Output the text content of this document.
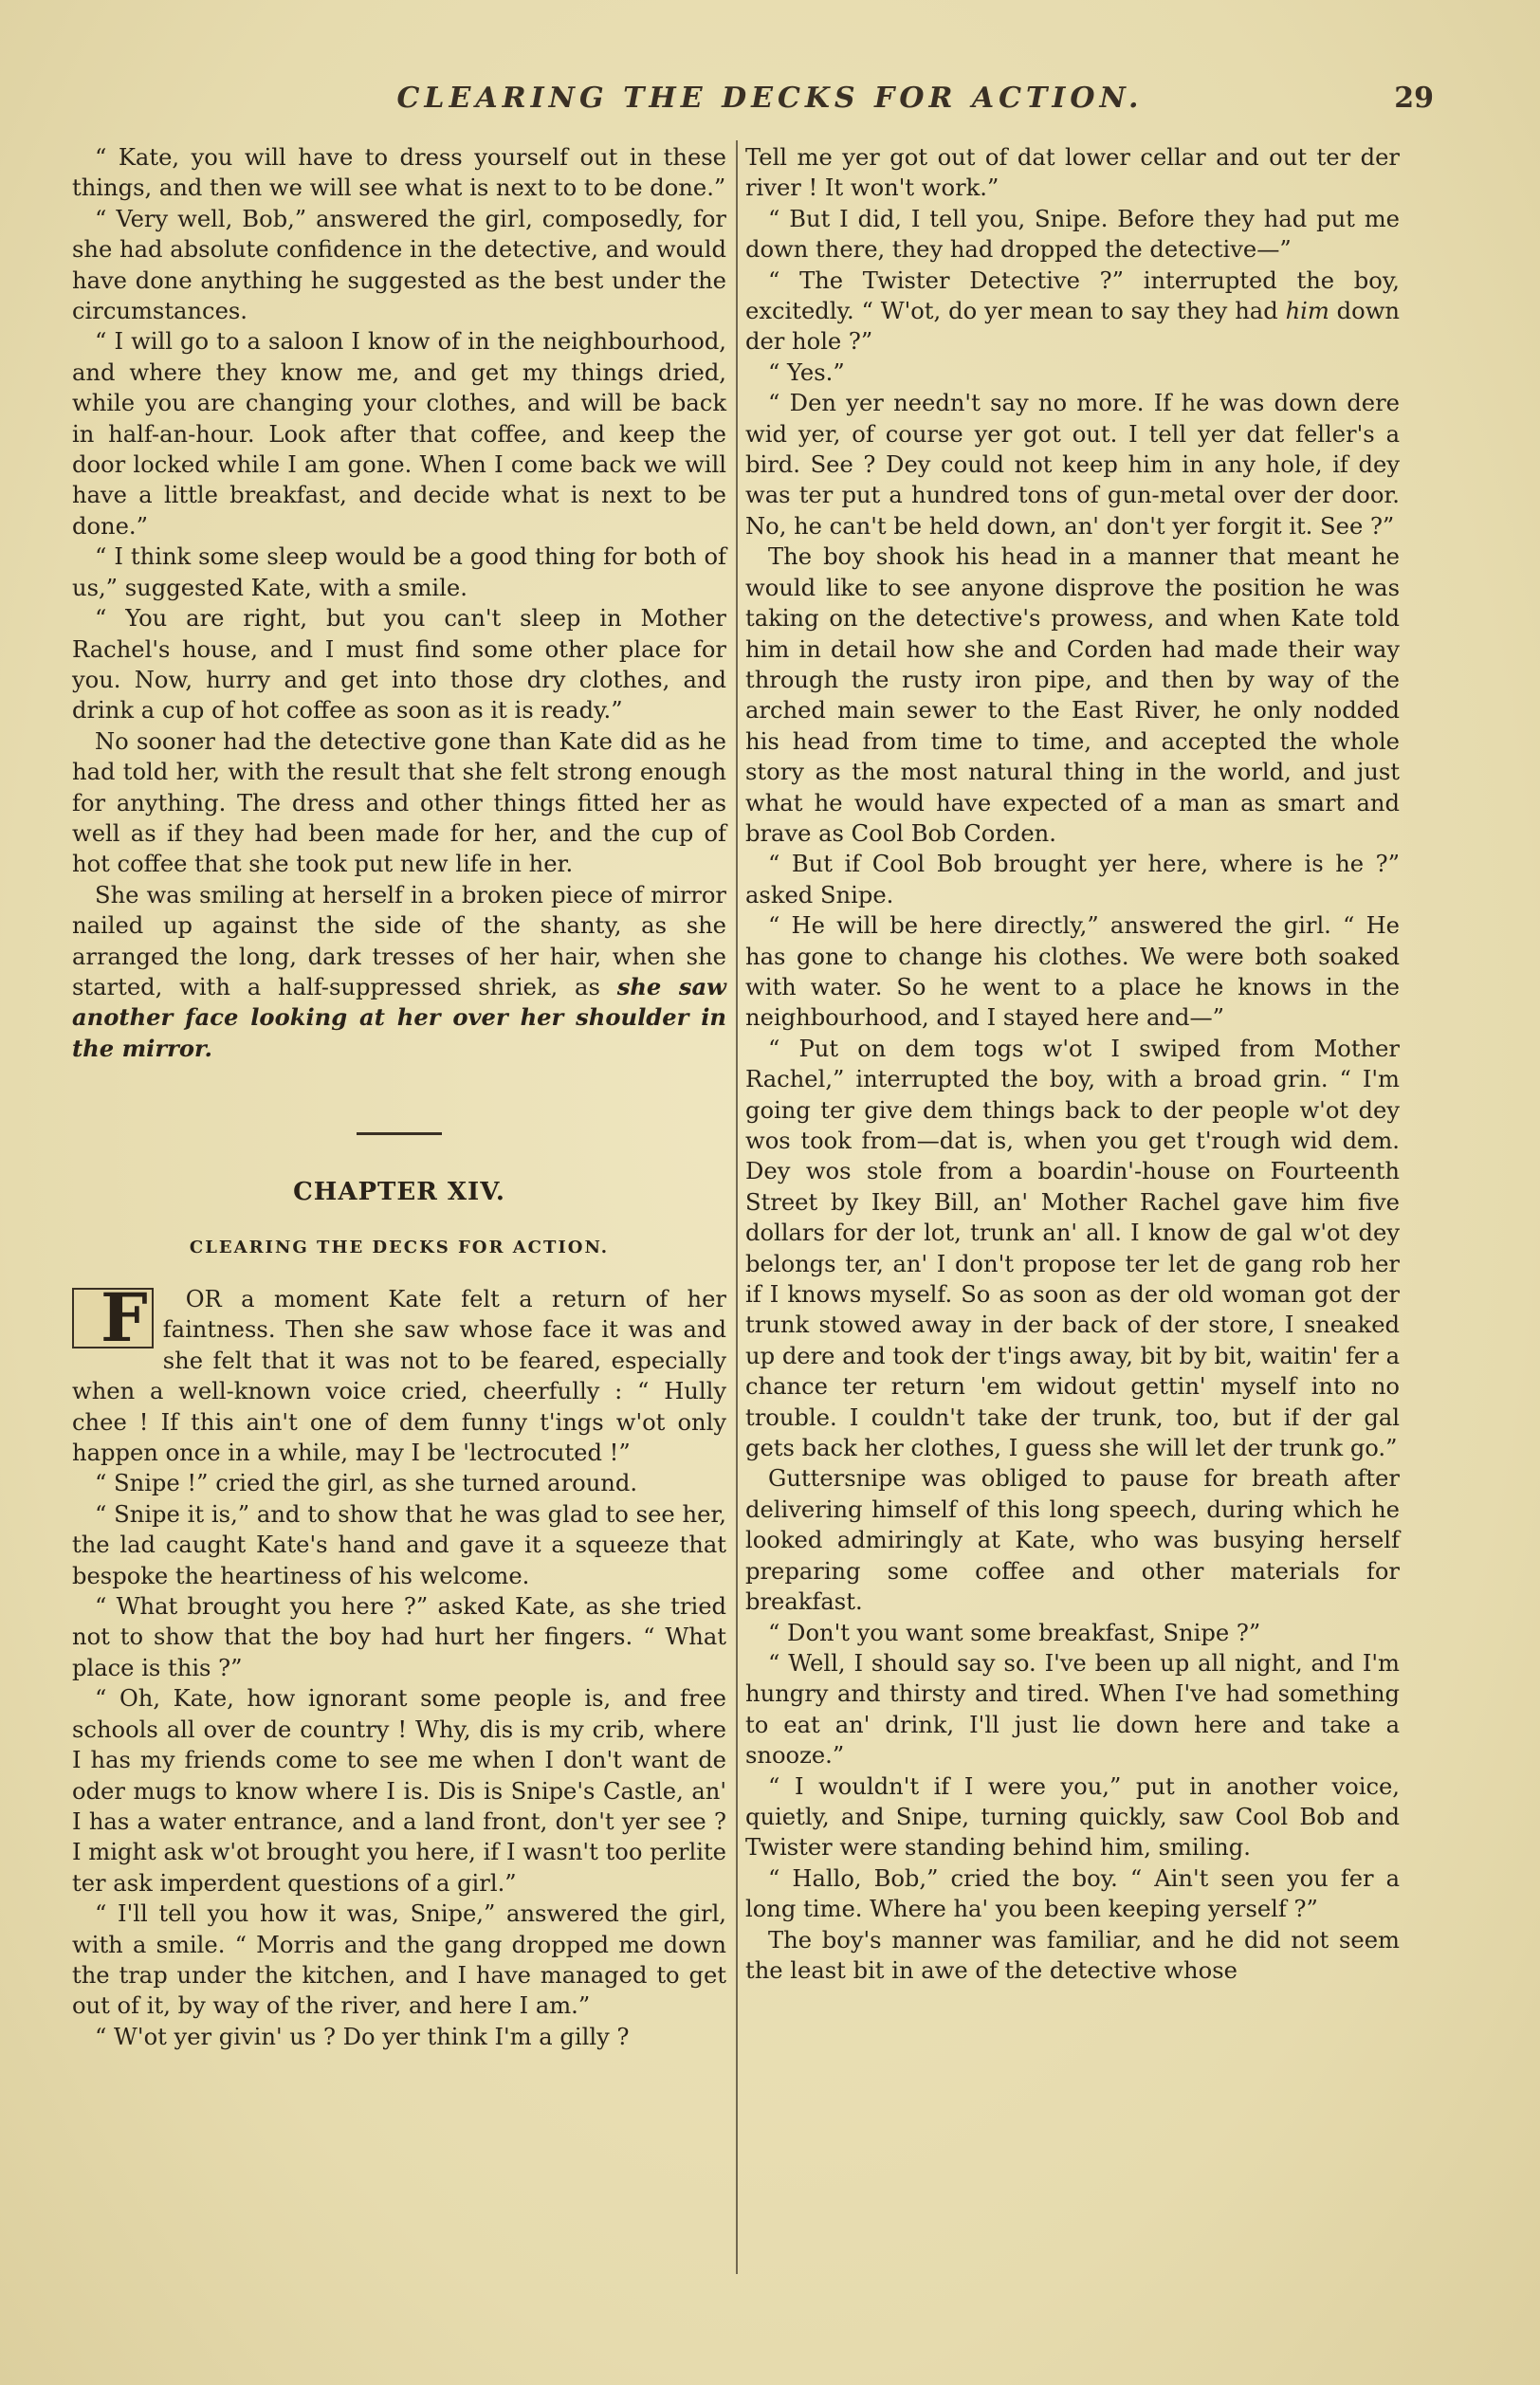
CLEARING THE DECKS FOR ACTION.	29

“ Kate, you will have to dress yourself out in these things, and then we will see what is next to to be done.”

“ Very well, Bob,” answered the girl, composedly, for she had absolute confidence in the detective, and would have done anything he suggested as the best under the circumstances.

“ I will go to a saloon I know of in the neighbourhood, and where they know me, and get my things dried, while you are changing your clothes, and will be back in half-an-hour. Look after that coffee, and keep the door locked while I am gone. When I come back we will have a little breakfast, and decide what is next to be done.”

“ I think some sleep would be a good thing for both of us,” suggested Kate, with a smile.

“ You are right, but you can't sleep in Mother Rachel's house, and I must find some other place for you. Now, hurry and get into those dry clothes, and drink a cup of hot coffee as soon as it is ready.”

No sooner had the detective gone than Kate did as he had told her, with the result that she felt strong enough for anything. The dress and other things fitted her as well as if they had been made for her, and the cup of hot coffee that she took put new life in her.

She was smiling at herself in a broken piece of mirror nailed up against the side of the shanty, as she arranged the long, dark tresses of her hair, when she started, with a half-suppressed shriek, as she saw another face looking at her over her shoulder in the mirror.

CHAPTER XIV.
CLEARING THE DECKS FOR ACTION.

F OR a moment Kate felt a return of her faintness. Then she saw whose face it was and she felt that it was not to be feared, especially when a well-known voice cried, cheerfully : “ Hully chee ! If this ain't one of dem funny t'ings w'ot only happen once in a while, may I be 'lectrocuted !”

“ Snipe !” cried the girl, as she turned around.

“ Snipe it is,” and to show that he was glad to see her, the lad caught Kate's hand and gave it a squeeze that bespoke the heartiness of his welcome.

“ What brought you here ?” asked Kate, as she tried not to show that the boy had hurt her fingers. “ What place is this ?”

“ Oh, Kate, how ignorant some people is, and free schools all over de country ! Why, dis is my crib, where I has my friends come to see me when I don't want de oder mugs to know where I is. Dis is Snipe's Castle, an' I has a water entrance, and a land front, don't yer see ? I might ask w'ot brought you here, if I wasn't too perlite ter ask imperdent questions of a girl.”

“ I'll tell you how it was, Snipe,” answered the girl, with a smile. “ Morris and the gang dropped me down the trap under the kitchen, and I have managed to get out of it, by way of the river, and here I am.”

“ W'ot yer givin' us ? Do yer think I'm a gilly ?

Tell me yer got out of dat lower cellar and out ter der river ! It won't work.”

“ But I did, I tell you, Snipe. Before they had put me down there, they had dropped the detective—”

“ The Twister Detective ?” interrupted the boy, excitedly. “ W'ot, do yer mean to say they had him down der hole ?”

“ Yes.”

“ Den yer needn't say no more. If he was down dere wid yer, of course yer got out. I tell yer dat feller's a bird. See ? Dey could not keep him in any hole, if dey was ter put a hundred tons of gun-metal over der door. No, he can't be held down, an' don't yer forgit it. See ?”

The boy shook his head in a manner that meant he would like to see anyone disprove the position he was taking on the detective's prowess, and when Kate told him in detail how she and Corden had made their way through the rusty iron pipe, and then by way of the arched main sewer to the East River, he only nodded his head from time to time, and accepted the whole story as the most natural thing in the world, and just what he would have expected of a man as smart and brave as Cool Bob Corden.

“ But if Cool Bob brought yer here, where is he ?” asked Snipe.

“ He will be here directly,” answered the girl. “ He has gone to change his clothes. We were both soaked with water. So he went to a place he knows in the neighbourhood, and I stayed here and—”

“ Put on dem togs w'ot I swiped from Mother Rachel,” interrupted the boy, with a broad grin. “ I'm going ter give dem things back to der people w'ot dey wos took from—dat is, when you get t'rough wid dem. Dey wos stole from a boardin'-house on Fourteenth Street by Ikey Bill, an' Mother Rachel gave him five dollars for der lot, trunk an' all. I know de gal w'ot dey belongs ter, an' I don't propose ter let de gang rob her if I knows myself. So as soon as der old woman got der trunk stowed away in der back of der store, I sneaked up dere and took der t'ings away, bit by bit, waitin' fer a chance ter return 'em widout gettin' myself into no trouble. I couldn't take der trunk, too, but if der gal gets back her clothes, I guess she will let der trunk go.”

Guttersnipe was obliged to pause for breath after delivering himself of this long speech, during which he looked admiringly at Kate, who was busying herself preparing some coffee and other materials for breakfast.

“ Don't you want some breakfast, Snipe ?”

“ Well, I should say so. I've been up all night, and I'm hungry and thirsty and tired. When I've had something to eat an' drink, I'll just lie down here and take a snooze.”

“ I wouldn't if I were you,” put in another voice, quietly, and Snipe, turning quickly, saw Cool Bob and Twister were standing behind him, smiling.

“ Hallo, Bob,” cried the boy. “ Ain't seen you fer a long time. Where ha' you been keeping yerself ?”

The boy's manner was familiar, and he did not seem the least bit in awe of the detective whose
